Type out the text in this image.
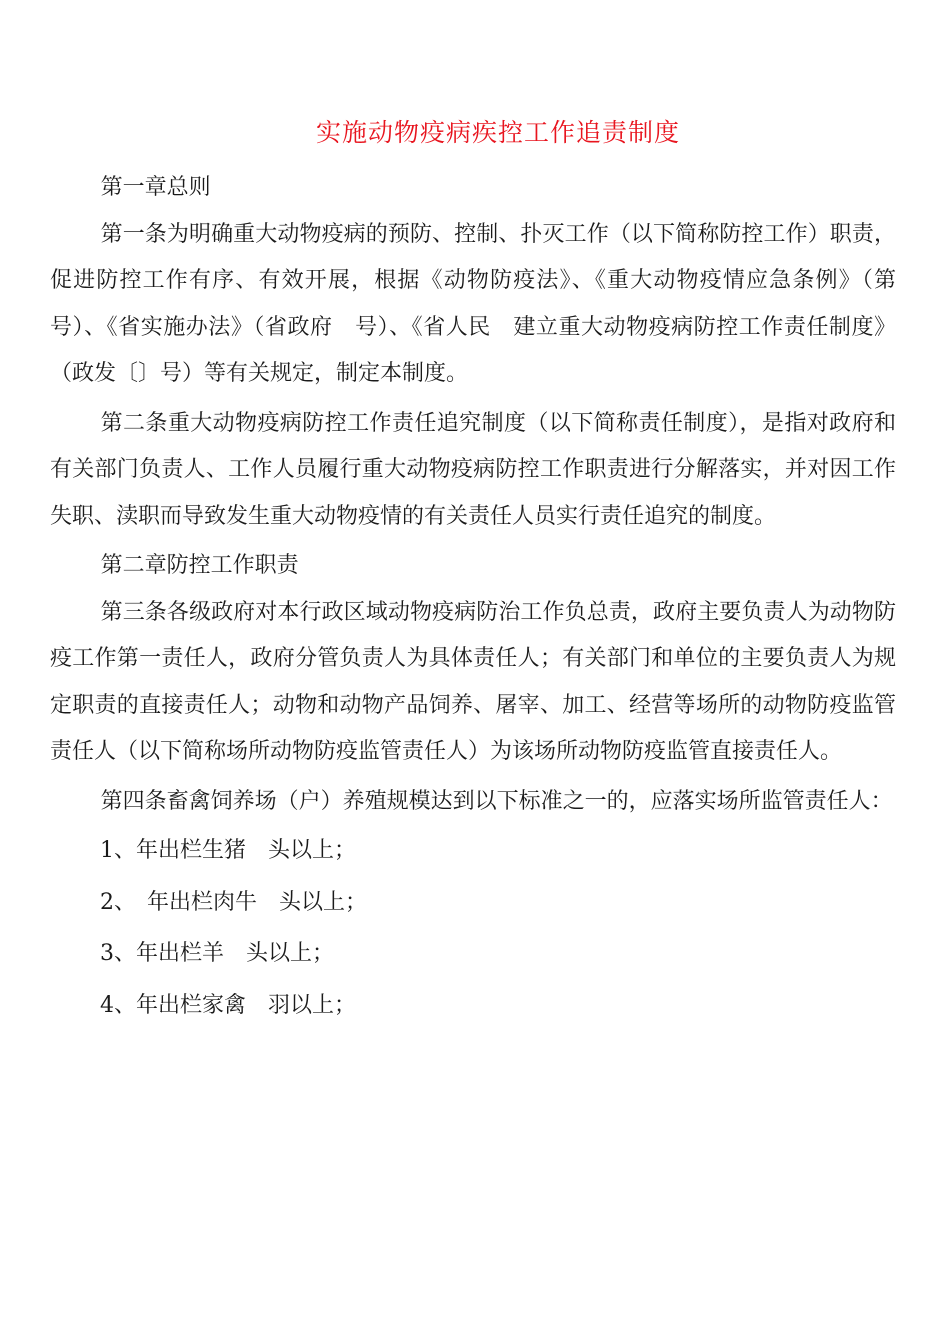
实施动物疫病疾控工作追责制度

第一章总则

第一条为明确重大动物疫病的预防、控制、扑灭工作（以下简称防控工作）职责，促进防控工作有序、有效开展，根据《动物防疫法》、《重大动物疫情应急条例》（第　号）、《省实施办法》（省政府　号）、《省人民　建立重大动物疫病防控工作责任制度》（政发〔〕号）等有关规定，制定本制度。

第二条重大动物疫病防控工作责任追究制度（以下简称责任制度），是指对政府和有关部门负责人、工作人员履行重大动物疫病防控工作职责进行分解落实，并对因工作失职、渎职而导致发生重大动物疫情的有关责任人员实行责任追究的制度。

第二章防控工作职责

第三条各级政府对本行政区域动物疫病防治工作负总责，政府主要负责人为动物防疫工作第一责任人，政府分管负责人为具体责任人；有关部门和单位的主要负责人为规定职责的直接责任人；动物和动物产品饲养、屠宰、加工、经营等场所的动物防疫监管责任人（以下简称场所动物防疫监管责任人）为该场所动物防疫监管直接责任人。

第四条畜禽饲养场（户）养殖规模达到以下标准之一的，应落实场所监管责任人：

1、年出栏生猪　头以上；

2、　年出栏肉牛　头以上；

3、年出栏羊　头以上；

4、年出栏家禽　羽以上；
